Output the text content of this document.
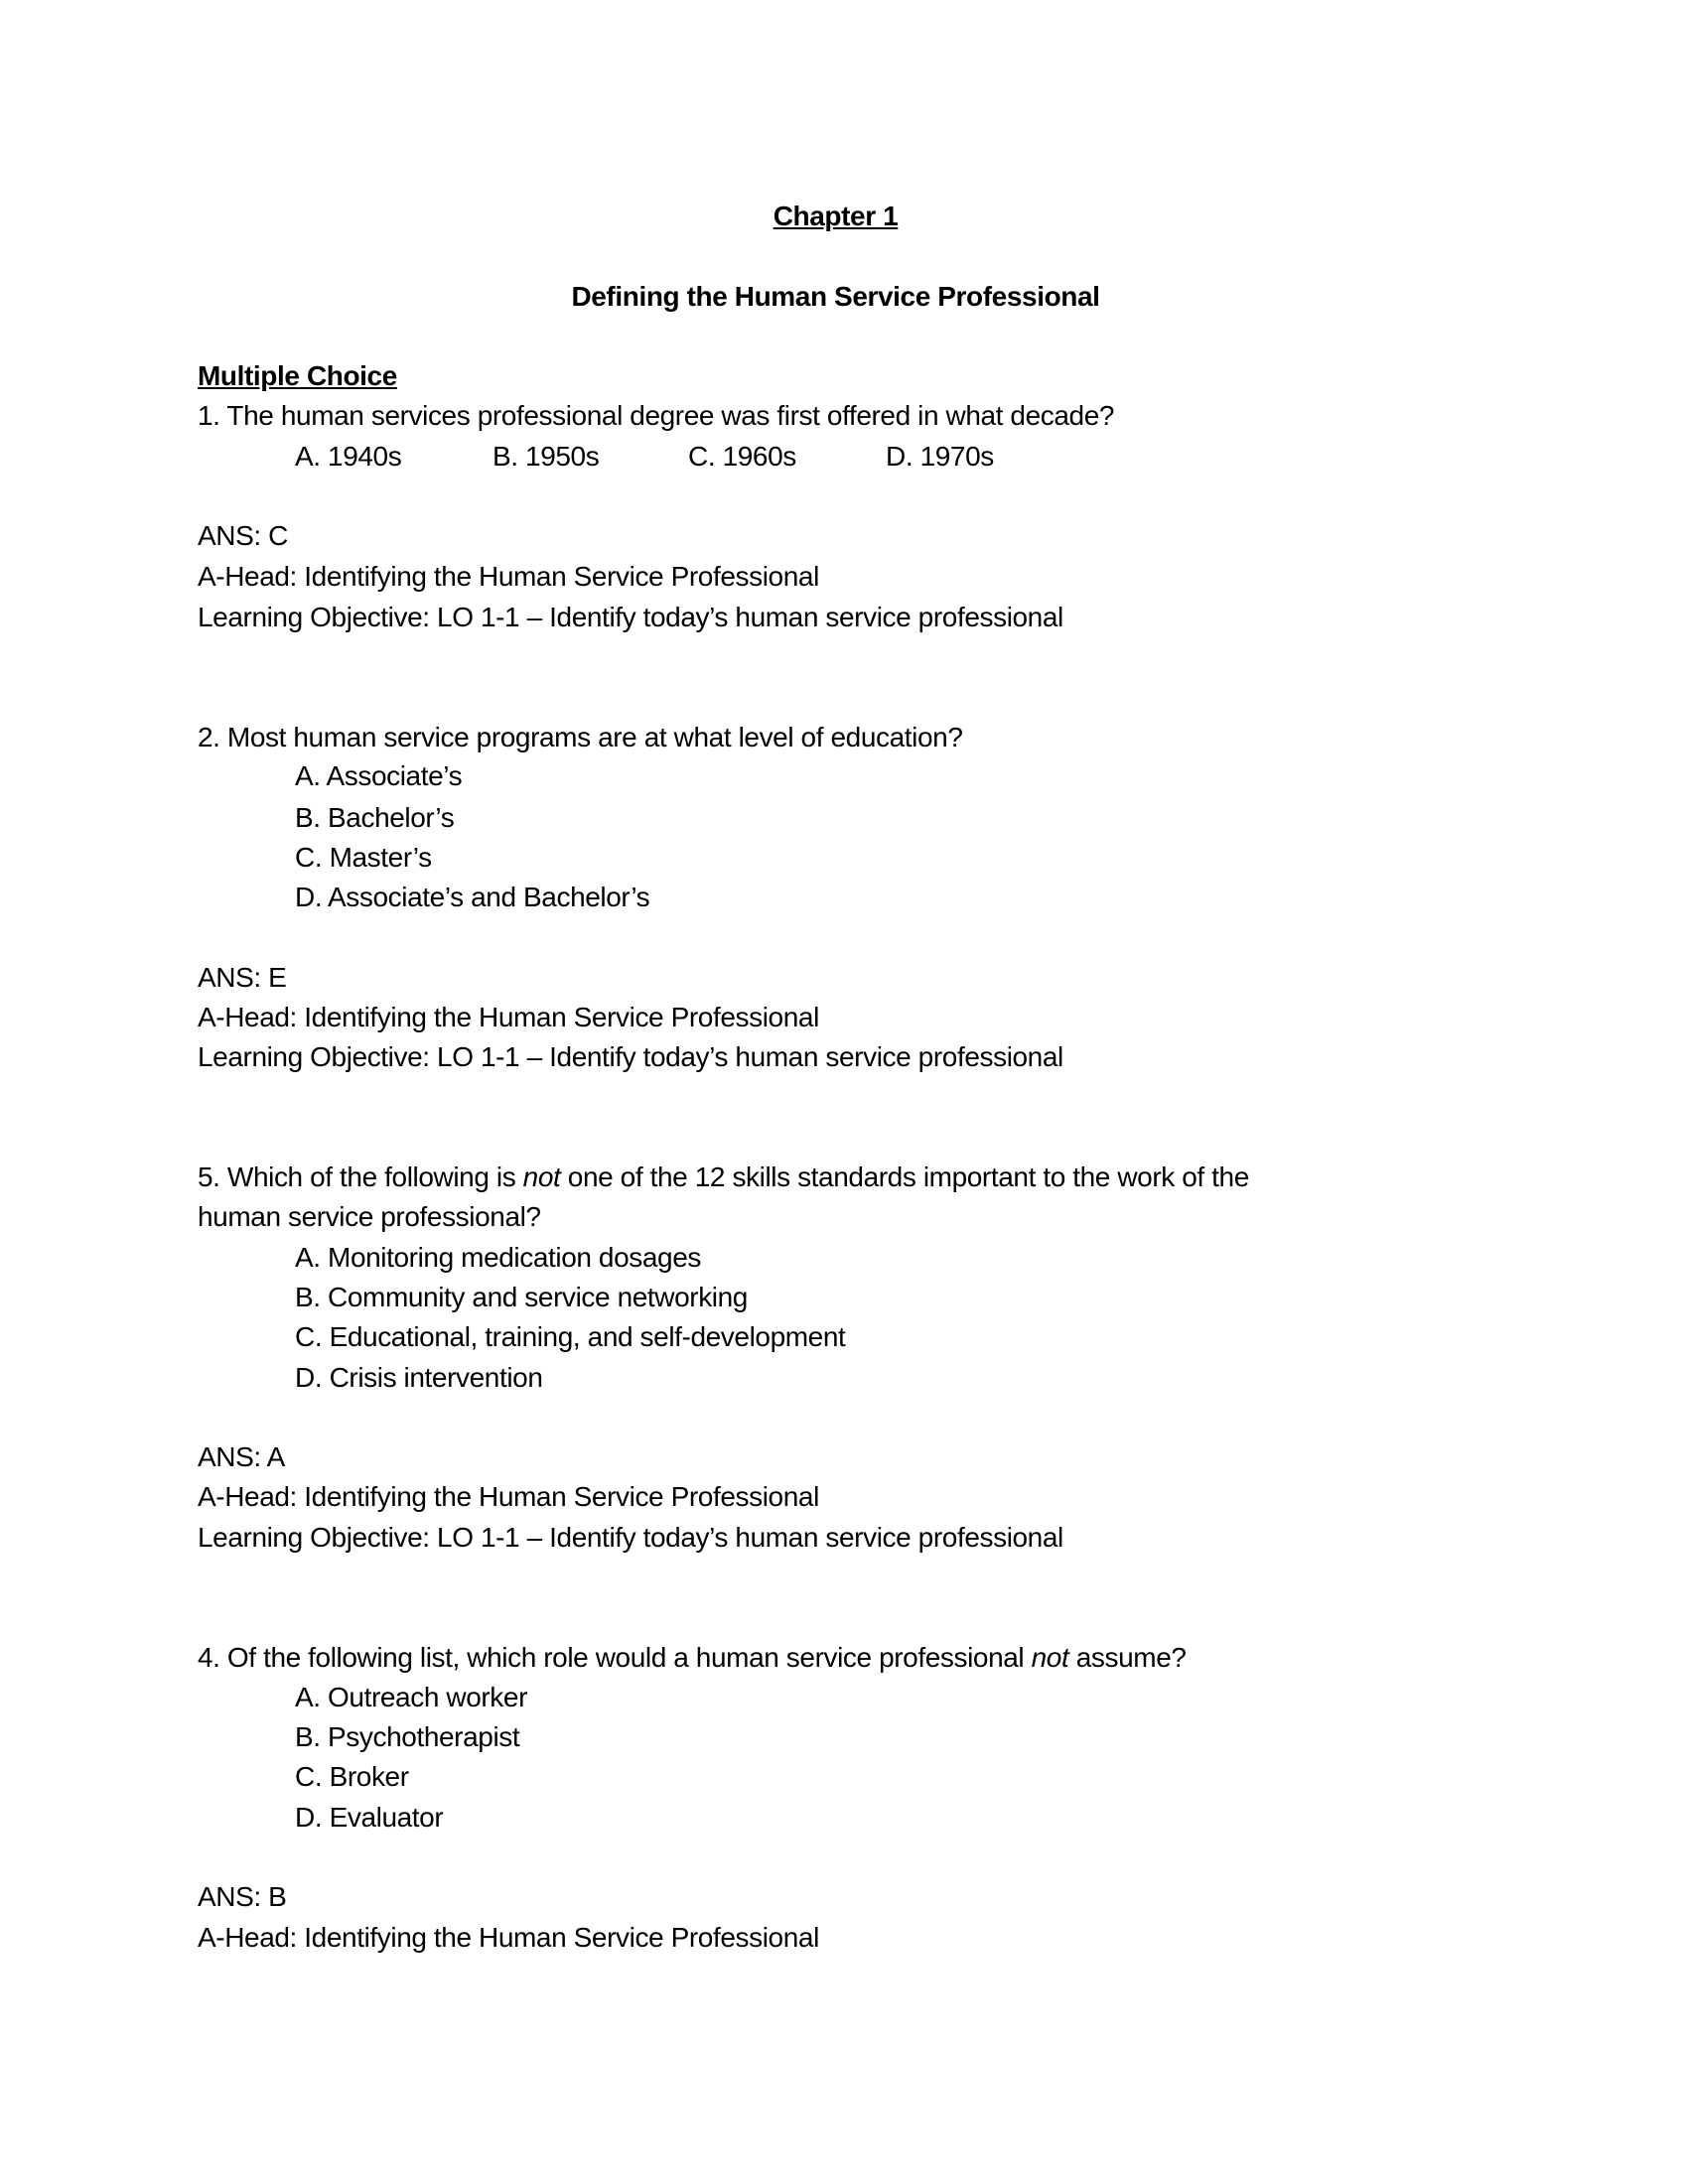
Chapter 1
Defining the Human Service Professional
Multiple Choice
1. The human services professional degree was first offered in what decade?
A. 1940s	B. 1950s	C. 1960s	D. 1970s
ANS: C
A-Head: Identifying the Human Service Professional
Learning Objective: LO 1-1 – Identify today’s human service professional
2. Most human service programs are at what level of education?
A. Associate’s
B. Bachelor’s
C. Master’s
D. Associate’s and Bachelor’s
ANS: E
A-Head: Identifying the Human Service Professional
Learning Objective: LO 1-1 – Identify today’s human service professional
5. Which of the following is not one of the 12 skills standards important to the work of the
human service professional?
A. Monitoring medication dosages
B. Community and service networking
C. Educational, training, and self-development
D. Crisis intervention
ANS: A
A-Head: Identifying the Human Service Professional
Learning Objective: LO 1-1 – Identify today’s human service professional
4. Of the following list, which role would a human service professional not assume?
A. Outreach worker
B. Psychotherapist
C. Broker
D. Evaluator
ANS: B
A-Head: Identifying the Human Service Professional
